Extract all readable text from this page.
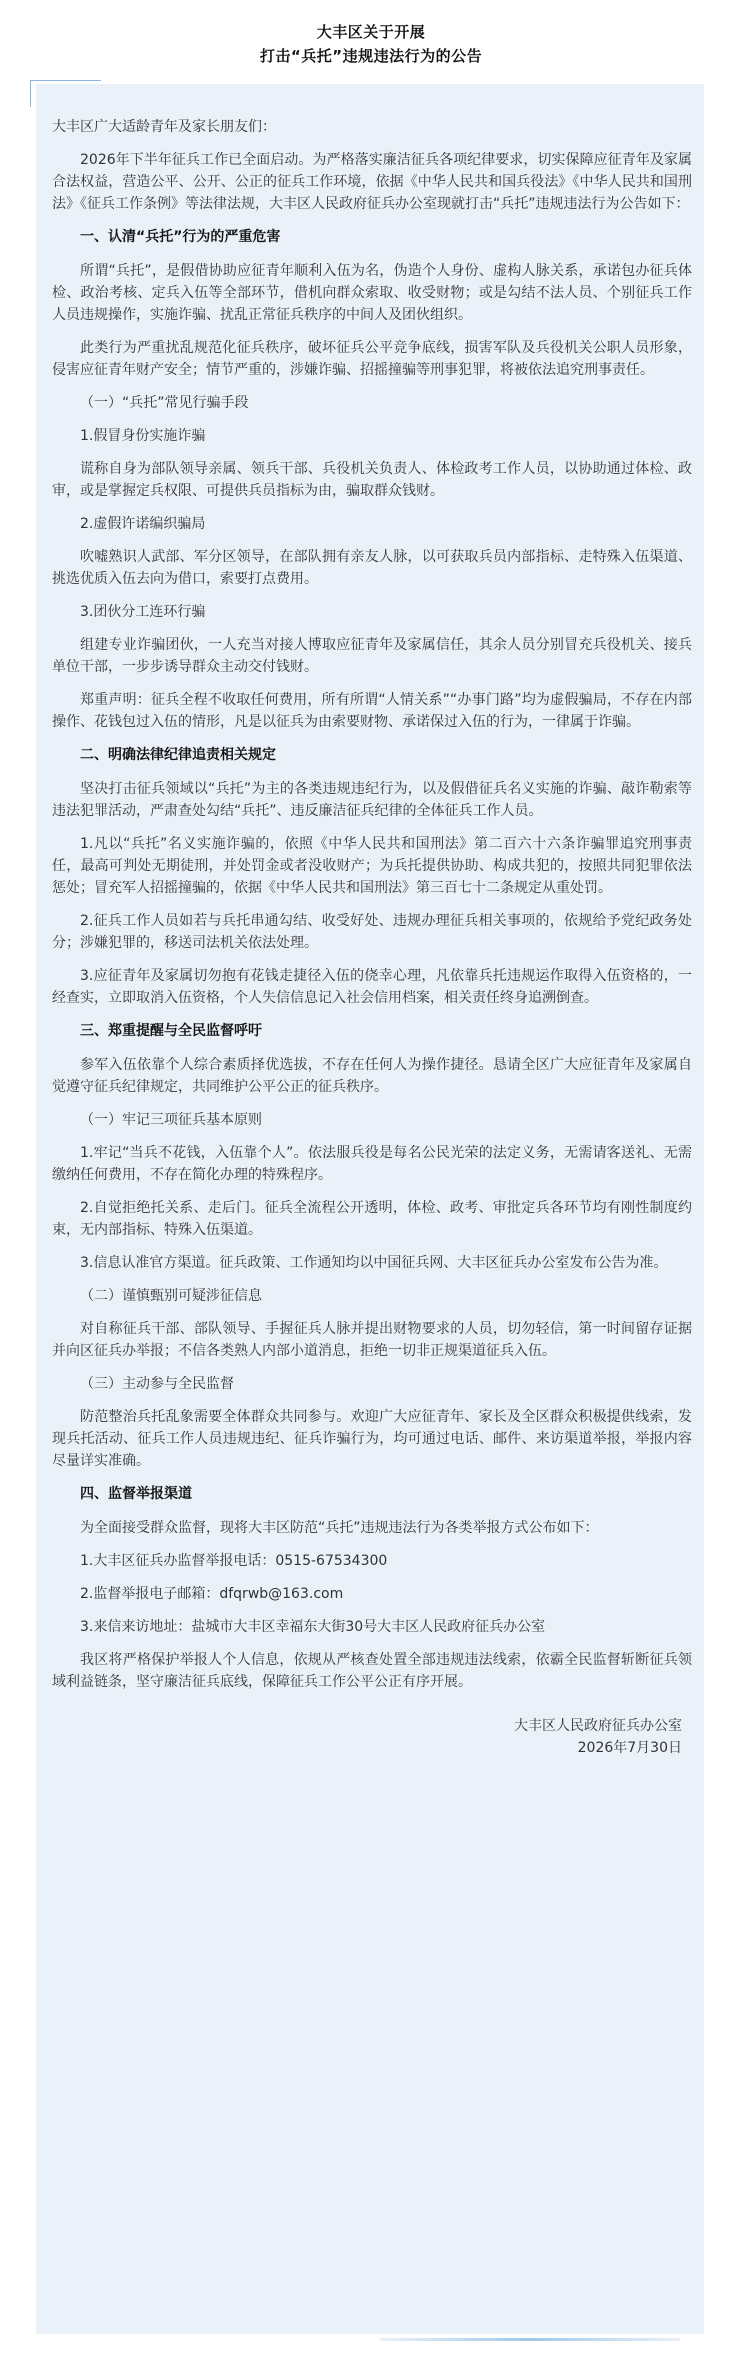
大丰区关于开展
打击“兵托”违规违法行为的公告

大丰区广大适龄青年及家长朋友们：

2026年下半年征兵工作已全面启动。为严格落实廉洁征兵各项纪律要求，切实保障应征青年及家属合法权益，营造公平、公开、公正的征兵工作环境，依据《中华人民共和国兵役法》《中华人民共和国刑法》《征兵工作条例》等法律法规，大丰区人民政府征兵办公室现就打击“兵托”违规违法行为公告如下：

一、认清“兵托”行为的严重危害

所谓“兵托”，是假借协助应征青年顺利入伍为名，伪造个人身份、虚构人脉关系，承诺包办征兵体检、政治考核、定兵入伍等全部环节，借机向群众索取、收受财物；或是勾结不法人员、个别征兵工作人员违规操作，实施诈骗、扰乱正常征兵秩序的中间人及团伙组织。

此类行为严重扰乱规范化征兵秩序，破坏征兵公平竞争底线，损害军队及兵役机关公职人员形象，侵害应征青年财产安全；情节严重的，涉嫌诈骗、招摇撞骗等刑事犯罪，将被依法追究刑事责任。

（一）“兵托”常见行骗手段

1.假冒身份实施诈骗

谎称自身为部队领导亲属、领兵干部、兵役机关负责人、体检政考工作人员，以协助通过体检、政审，或是掌握定兵权限、可提供兵员指标为由，骗取群众钱财。

2.虚假许诺编织骗局

吹嘘熟识人武部、军分区领导，在部队拥有亲友人脉，以可获取兵员内部指标、走特殊入伍渠道、挑选优质入伍去向为借口，索要打点费用。

3.团伙分工连环行骗

组建专业诈骗团伙，一人充当对接人博取应征青年及家属信任，其余人员分别冒充兵役机关、接兵单位干部，一步步诱导群众主动交付钱财。

郑重声明：征兵全程不收取任何费用，所有所谓“人情关系”“办事门路”均为虚假骗局，不存在内部操作、花钱包过入伍的情形，凡是以征兵为由索要财物、承诺保过入伍的行为，一律属于诈骗。

二、明确法律纪律追责相关规定

坚决打击征兵领域以“兵托”为主的各类违规违纪行为，以及假借征兵名义实施的诈骗、敲诈勒索等违法犯罪活动，严肃查处勾结“兵托”、违反廉洁征兵纪律的全体征兵工作人员。

1.凡以“兵托”名义实施诈骗的，依照《中华人民共和国刑法》第二百六十六条诈骗罪追究刑事责任，最高可判处无期徒刑，并处罚金或者没收财产；为兵托提供协助、构成共犯的，按照共同犯罪依法惩处；冒充军人招摇撞骗的，依据《中华人民共和国刑法》第三百七十二条规定从重处罚。

2.征兵工作人员如若与兵托串通勾结、收受好处、违规办理征兵相关事项的，依规给予党纪政务处分；涉嫌犯罪的，移送司法机关依法处理。

3.应征青年及家属切勿抱有花钱走捷径入伍的侥幸心理，凡依靠兵托违规运作取得入伍资格的，一经查实，立即取消入伍资格，个人失信信息记入社会信用档案，相关责任终身追溯倒查。

三、郑重提醒与全民监督呼吁

参军入伍依靠个人综合素质择优选拔，不存在任何人为操作捷径。恳请全区广大应征青年及家属自觉遵守征兵纪律规定，共同维护公平公正的征兵秩序。

（一）牢记三项征兵基本原则

1.牢记“当兵不花钱，入伍靠个人”。依法服兵役是每名公民光荣的法定义务，无需请客送礼、无需缴纳任何费用，不存在简化办理的特殊程序。

2.自觉拒绝托关系、走后门。征兵全流程公开透明，体检、政考、审批定兵各环节均有刚性制度约束，无内部指标、特殊入伍渠道。

3.信息认准官方渠道。征兵政策、工作通知均以中国征兵网、大丰区征兵办公室发布公告为准。

（二）谨慎甄别可疑涉征信息

对自称征兵干部、部队领导、手握征兵人脉并提出财物要求的人员，切勿轻信，第一时间留存证据并向区征兵办举报；不信各类熟人内部小道消息，拒绝一切非正规渠道征兵入伍。

（三）主动参与全民监督

防范整治兵托乱象需要全体群众共同参与。欢迎广大应征青年、家长及全区群众积极提供线索，发现兵托活动、征兵工作人员违规违纪、征兵诈骗行为，均可通过电话、邮件、来访渠道举报，举报内容尽量详实准确。

四、监督举报渠道

为全面接受群众监督，现将大丰区防范“兵托”违规违法行为各类举报方式公布如下：

1.大丰区征兵办监督举报电话：0515-67534300

2.监督举报电子邮箱：dfqrwb@163.com

3.来信来访地址：盐城市大丰区幸福东大街30号大丰区人民政府征兵办公室

我区将严格保护举报人个人信息，依规从严核查处置全部违规违法线索，依霸全民监督斩断征兵领域利益链条，坚守廉洁征兵底线，保障征兵工作公平公正有序开展。

大丰区人民政府征兵办公室

2026年7月30日
